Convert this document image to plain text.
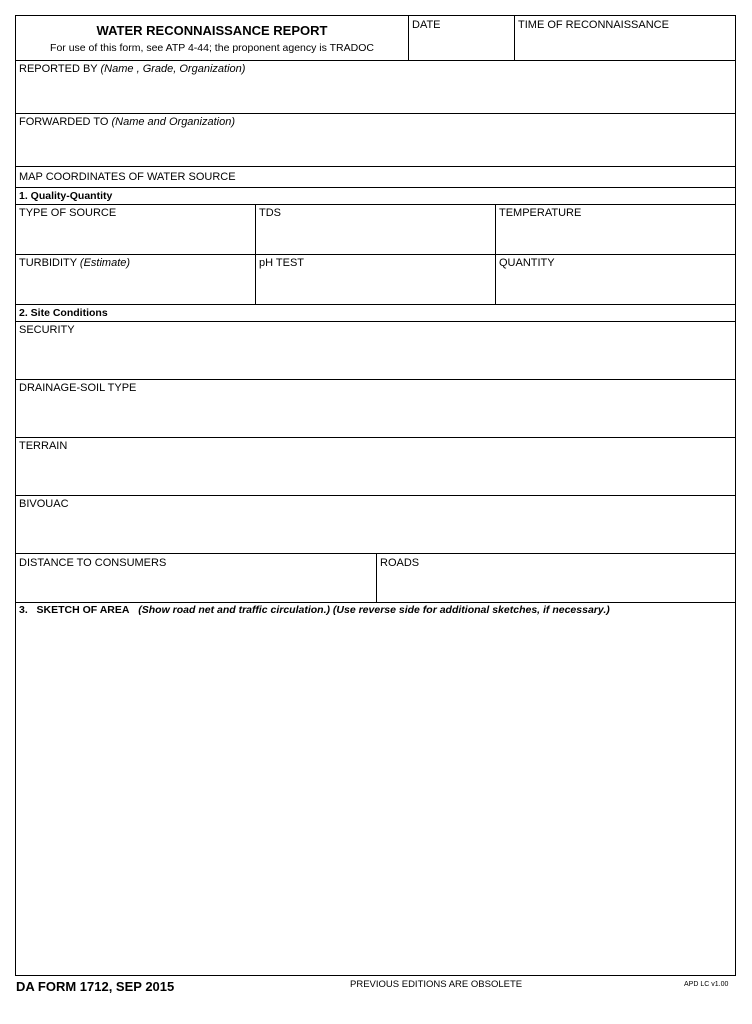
WATER RECONNAISSANCE REPORT
For use of this form, see ATP 4-44; the proponent agency is TRADOC
DATE	TIME OF RECONNAISSANCE
REPORTED BY (Name , Grade, Organization)
FORWARDED TO (Name and Organization)
MAP COORDINATES OF WATER SOURCE
1. Quality-Quantity
TYPE OF SOURCE	TDS	TEMPERATURE
TURBIDITY (Estimate)	pH TEST	QUANTITY
2. Site Conditions
SECURITY
DRAINAGE-SOIL TYPE
TERRAIN
BIVOUAC
DISTANCE TO CONSUMERS	ROADS
3. SKETCH OF AREA (Show road net and traffic circulation.) (Use reverse side for additional sketches, if necessary.)
DA FORM 1712, SEP 2015	PREVIOUS EDITIONS ARE OBSOLETE	APD LC v1.00
